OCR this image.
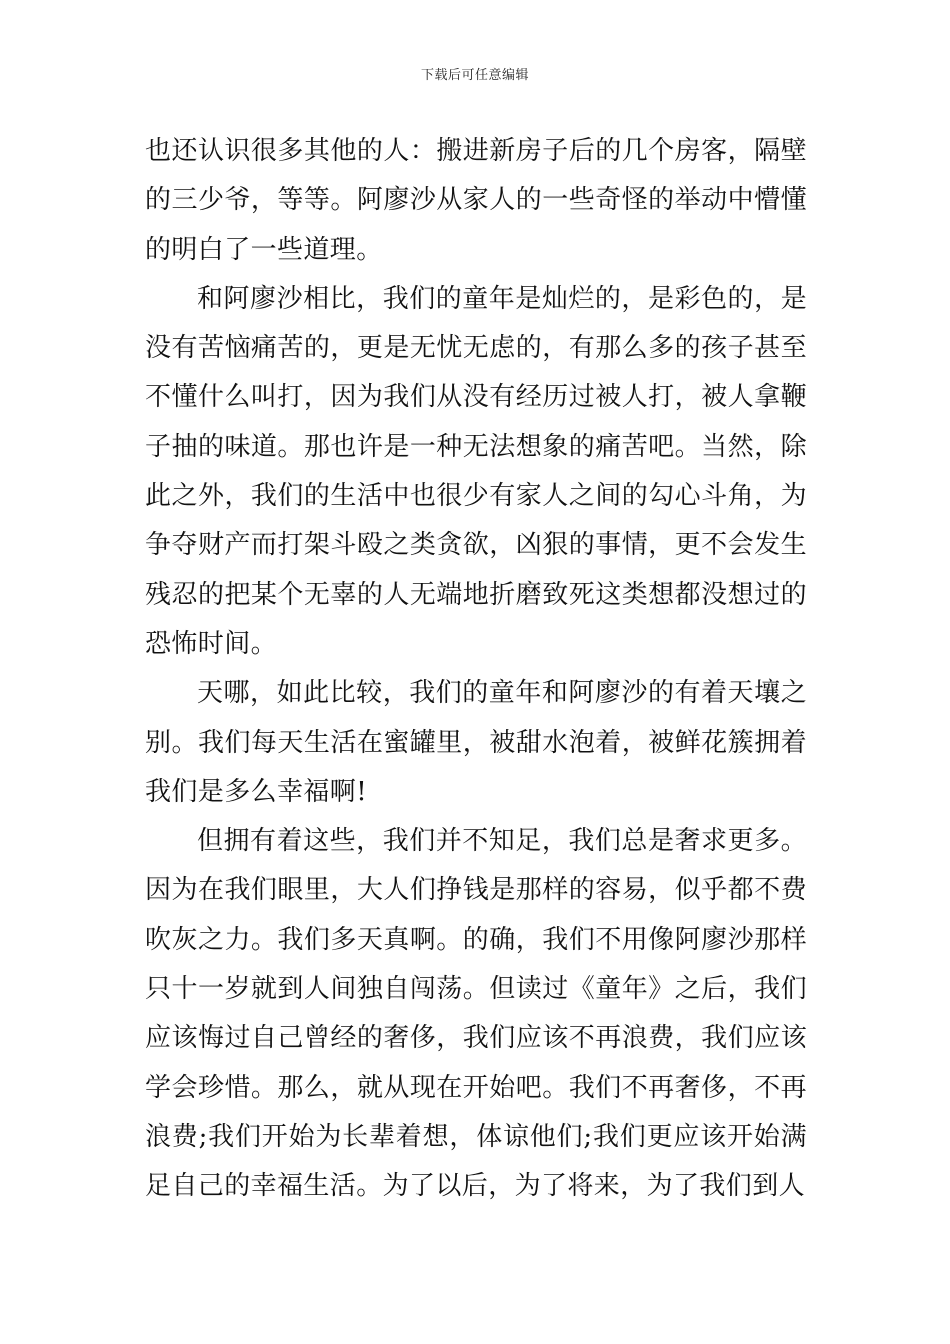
下载后可任意编辑

也还认识很多其他的人：搬进新房子后的几个房客，隔壁的三少爷，等等。阿廖沙从家人的一些奇怪的举动中懵懂的明白了一些道理。

和阿廖沙相比，我们的童年是灿烂的，是彩色的，是没有苦恼痛苦的，更是无忧无虑的，有那么多的孩子甚至不懂什么叫打，因为我们从没有经历过被人打，被人拿鞭子抽的味道。那也许是一种无法想象的痛苦吧。当然，除此之外，我们的生活中也很少有家人之间的勾心斗角，为争夺财产而打架斗殴之类贪欲，凶狠的事情，更不会发生残忍的把某个无辜的人无端地折磨致死这类想都没想过的恐怖时间。

天哪，如此比较，我们的童年和阿廖沙的有着天壤之别。我们每天生活在蜜罐里，被甜水泡着，被鲜花簇拥着我们是多么幸福啊!

但拥有着这些，我们并不知足，我们总是奢求更多。因为在我们眼里，大人们挣钱是那样的容易，似乎都不费吹灰之力。我们多天真啊。的确，我们不用像阿廖沙那样只十一岁就到人间独自闯荡。但读过《童年》之后，我们应该悔过自己曾经的奢侈，我们应该不再浪费，我们应该学会珍惜。那么，就从现在开始吧。我们不再奢侈，不再浪费;我们开始为长辈着想，体谅他们;我们更应该开始满足自己的幸福生活。为了以后，为了将来，为了我们到人
